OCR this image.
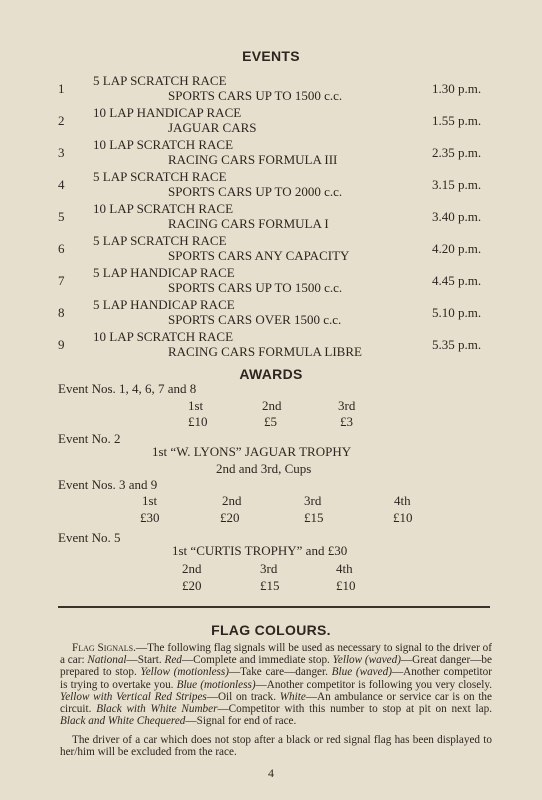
EVENTS
1
5 LAP SCRATCH RACE
SPORTS CARS UP TO 1500 c.c.	1.30 p.m.
2
10 LAP HANDICAP RACE
JAGUAR CARS	1.55 p.m.
3
10 LAP SCRATCH RACE
RACING CARS FORMULA III	2.35 p.m.
4
5 LAP SCRATCH RACE
SPORTS CARS UP TO 2000 c.c.	3.15 p.m.
5
10 LAP SCRATCH RACE
RACING CARS FORMULA I	3.40 p.m.
6
5 LAP SCRATCH RACE
SPORTS CARS ANY CAPACITY	4.20 p.m.
7
5 LAP HANDICAP RACE
SPORTS CARS UP TO 1500 c.c.	4.45 p.m.
8
5 LAP HANDICAP RACE
SPORTS CARS OVER 1500 c.c.	5.10 p.m.
9
10 LAP SCRATCH RACE
RACING CARS FORMULA LIBRE	5.35 p.m.
AWARDS
Event Nos. 1, 4, 6, 7 and 8
1st	2nd	3rd
£10	£5	£3
Event No. 2
1st “W. LYONS” JAGUAR TROPHY
2nd and 3rd, Cups
Event Nos. 3 and 9
1st	2nd	3rd	4th
£30	£20	£15	£10
Event No. 5
1st “CURTIS TROPHY” and £30
2nd	3rd	4th
£20	£15	£10
FLAG COLOURS.
Flag Signals.—The following flag signals will be used as necessary to signal to the driver of a car: National—Start. Red—Complete and immediate stop. Yellow (waved)—Great danger—be prepared to stop. Yellow (motionless)—Take care—danger. Blue (waved)—Another competitor is trying to overtake you. Blue (motionless)—Another competitor is following you very closely. Yellow with Vertical Red Stripes—Oil on track. White—An ambulance or service car is on the circuit. Black with White Number—Competitor with this number to stop at pit on next lap. Black and White Chequered—Signal for end of race.
The driver of a car which does not stop after a black or red signal flag has been displayed to her/him will be excluded from the race.
4
